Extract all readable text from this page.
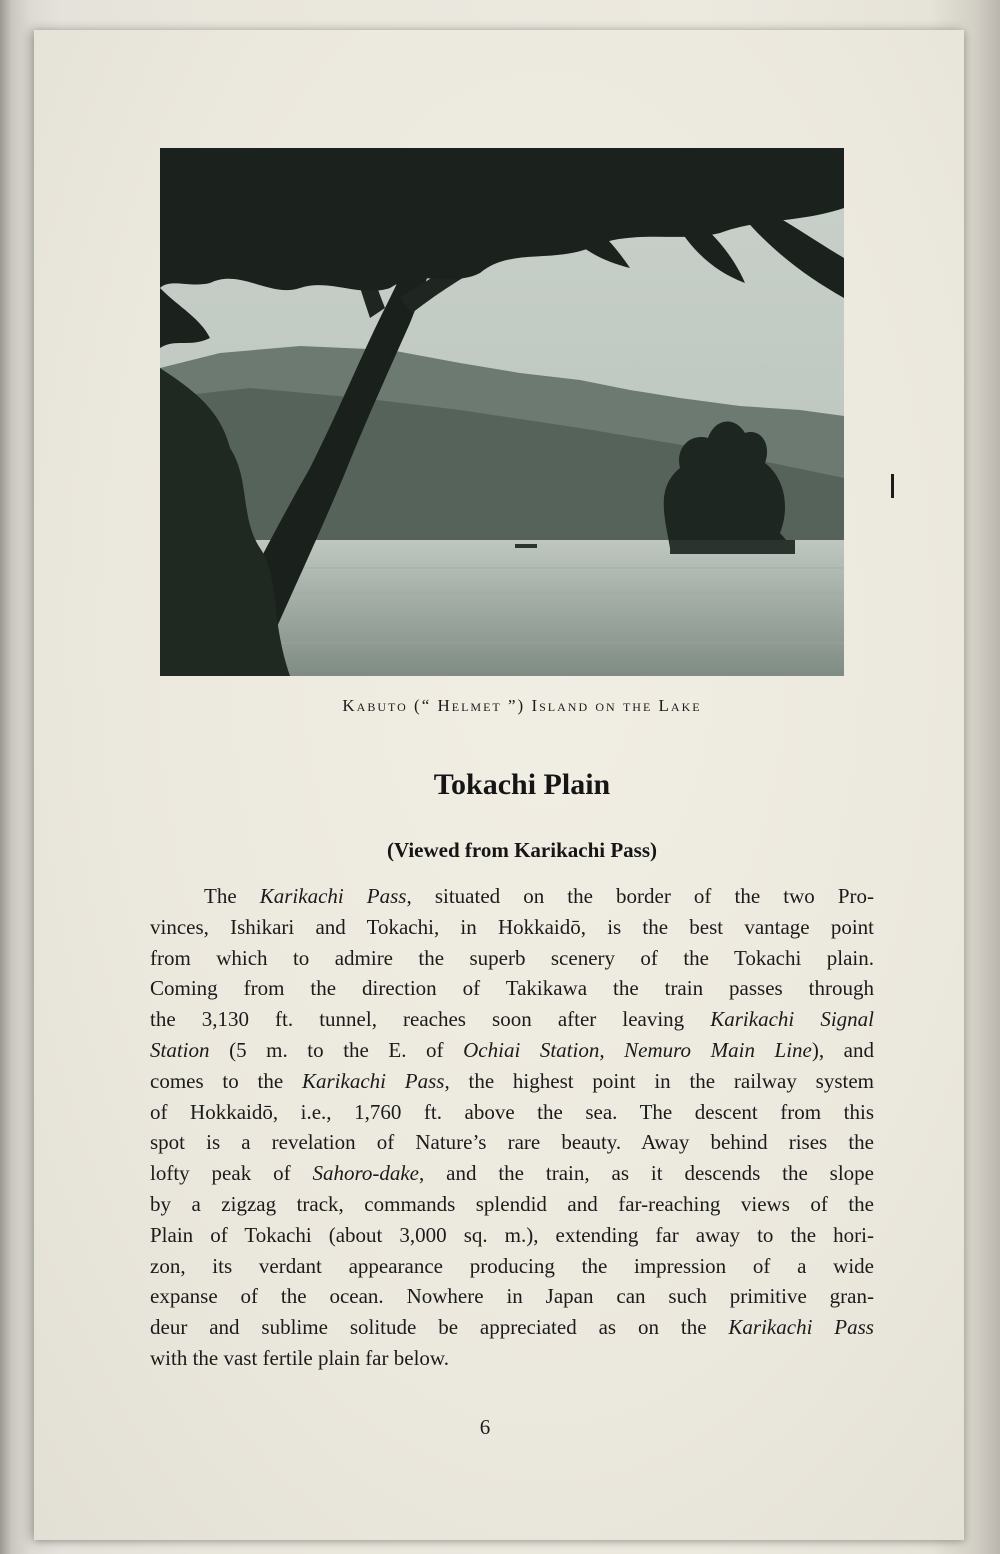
Kabuto (“ Helmet ”) Island on the Lake
Tokachi Plain
(Viewed from Karikachi Pass)
The Karikachi Pass, situated on the border of the two Pro-
vinces, Ishikari and Tokachi, in Hokkaidō, is the best vantage point
from which to admire the superb scenery of the Tokachi plain.
Coming from the direction of Takikawa the train passes through
the 3,130 ft. tunnel, reaches soon after leaving Karikachi Signal
Station (5 m. to the E. of Ochiai Station, Nemuro Main Line), and
comes to the Karikachi Pass, the highest point in the railway system
of Hokkaidō, i.e., 1,760 ft. above the sea. The descent from this
spot is a revelation of Nature’s rare beauty. Away behind rises the
lofty peak of Sahoro-dake, and the train, as it descends the slope
by a zigzag track, commands splendid and far-reaching views of the
Plain of Tokachi (about 3,000 sq. m.), extending far away to the hori-
zon, its verdant appearance producing the impression of a wide
expanse of the ocean. Nowhere in Japan can such primitive gran-
deur and sublime solitude be appreciated as on the Karikachi Pass
with the vast fertile plain far below.
6
